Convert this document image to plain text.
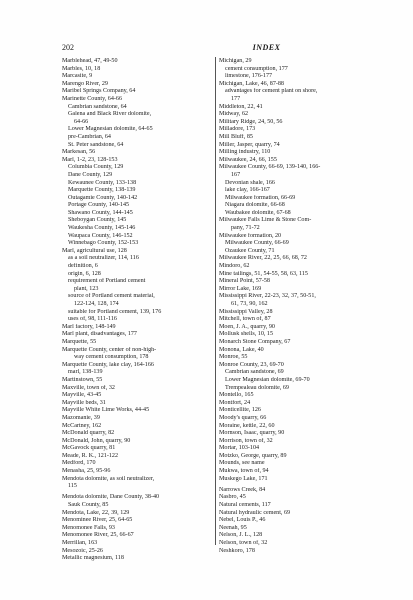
202	INDEX
Marblehead, 47, 49-50
Marbles, 10, 18
Marcasite, 9
Marengo River, 29
Maribel Springs Company, 64
Marinette County, 64-66
Cambrian sandstone, 64
Galena and Black River dolomite,
64-66
Lower Magnesian dolomite, 64-65
pre-Cambrian, 64
St. Peter sandstone, 64
Markesan, 56
Marl, 1-2, 23, 128-153
Columbia County, 129
Dane County, 129
Kewaunee County, 133-138
Marquette County, 138-139
Outagamie County, 140-142
Portage County, 140-145
Shawano County, 144-145
Sheboygan County, 145
Waukesha County, 145-146
Waupaca County, 146-152
Winnebago County, 152-153
Marl, agricultural use, 128
as a soil neutralizer, 114, 116
definition, 6
origin, 6, 128
requirement of Portland cement
plant, 123
source of Portland cement material,
122-124, 128, 174
suitable for Portland cement, 139, 176
uses of, 98, 111-116
Marl factory, 148-149
Marl plant, disadvantages, 177
Marquette, 55
Marquette County, center of non-high-
way cement consumption, 178
Marquette County, lake clay, 164-166
marl, 138-139
Martinstown, 55
Maxville, town of, 32
Mayville, 43-45
Mayville beds, 31
Mayville White Lime Works, 44-45
Mazomanie, 39
McCartney, 162
McDonald quarry, 82
McDonald, John, quarry, 90
McGavock quarry, 81
Meade, R. K., 121-122
Medford, 170
Menasha, 25, 95-96
Mendota dolomite, as soil neutralizer,
115
Mendota dolomite, Dane County, 38-40
Sauk County, 85
Mendota, Lake, 22, 39, 129
Menominee River, 25, 64-65
Menomonee Falls, 93
Menomonee River, 25, 66-67
Merrillan, 163
Mesozoic, 25-26
Metallic magnesium, 118
Michigan, 29
cement consumption, 177
limestone, 176-177
Michigan, Lake, 46, 87-88
advantages for cement plant on shore,
177
Middleton, 22, 41
Midway, 62
Military Ridge, 24, 50, 56
Milladore, 173
Mill Bluff, 85
Miller, Jasper, quarry, 74
Milling industry, 110
Milwaukee, 24, 66, 155
Milwaukee County, 66-69, 139-140, 166-
167
Devonian shale, 166
lake clay, 166-167
Milwaukee formation, 66-69
Niagara dolomite, 66-68
Waubakee dolomite, 67-68
Milwaukee Falls Lime & Stone Com-
pany, 71-72
Milwaukee formation, 20
Milwaukee County, 66-69
Ozaukee County, 71
Milwaukee River, 22, 25, 66, 68, 72
Mindoro, 62
Mine tailings, 51, 54-55, 58, 63, 115
Mineral Point, 57-58
Mirror Lake, 169
Mississippi River, 22-23, 32, 37, 50-51,
61, 73, 90, 162
Mississippi Valley, 28
Mitchell, town of, 87
Moen, J. A., quarry, 90
Mollusk shells, 10, 15
Monarch Stone Company, 67
Monona, Lake, 40
Monroe, 55
Monroe County, 23, 69-70
Cambrian sandstone, 69
Lower Magnesian dolomite, 69-70
Trempealeau dolomite, 69
Montello, 165
Montfort, 24
Monticellite, 126
Moody's quarry, 66
Moraine, kettle, 22, 60
Mornson, Isaac, quarry, 90
Morrison, town of, 32
Mortar, 103-104
Motzko, George, quarry, 89
Mounds, see name
Mukwa, town of, 94
Muskego Lake, 171
Narrows Creek, 84
Nasbro, 45
Natural cements, 117
Natural hydraulic cement, 69
Nebel, Louis P., 46
Neenah, 95
Nelson, J. L., 128
Nelson, town of, 32
Neshkoro, 178
